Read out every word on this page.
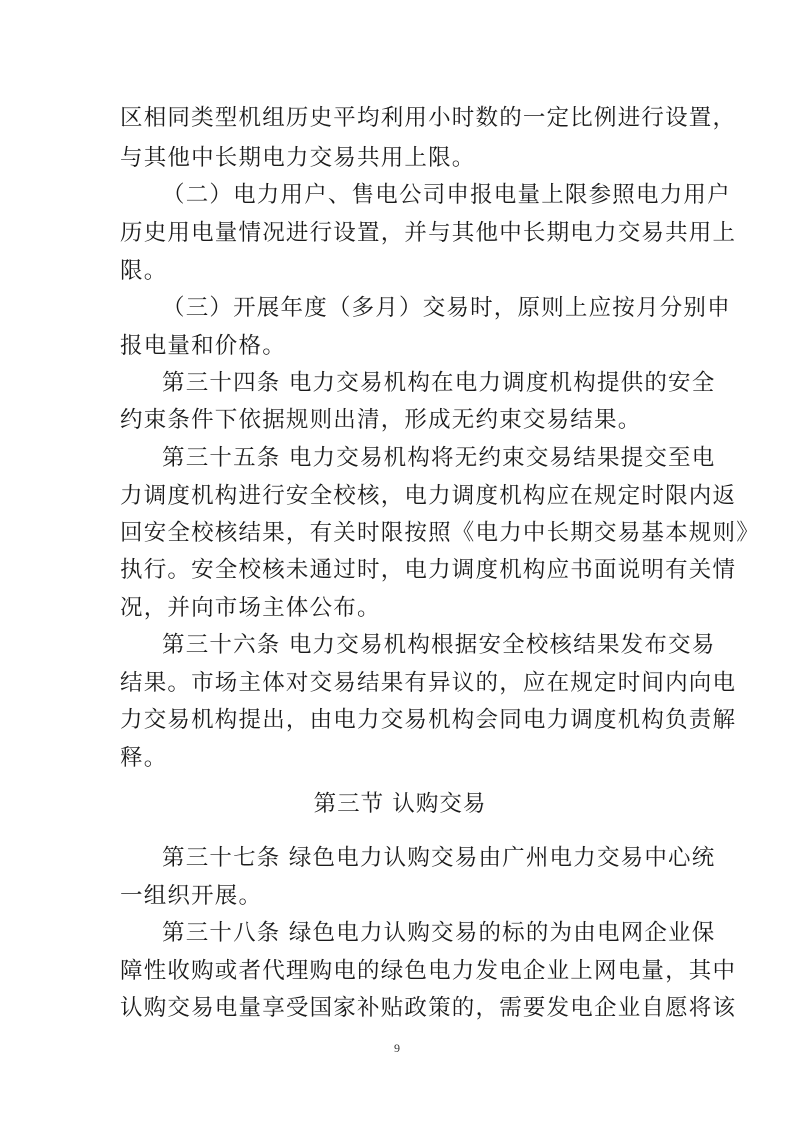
区相同类型机组历史平均利用小时数的一定比例进行设置，
与其他中长期电力交易共用上限。
（二）电力用户、售电公司申报电量上限参照电力用户
历史用电量情况进行设置，并与其他中长期电力交易共用上
限。
（三）开展年度（多月）交易时，原则上应按月分别申
报电量和价格。
第三十四条 电力交易机构在电力调度机构提供的安全
约束条件下依据规则出清，形成无约束交易结果。
第三十五条 电力交易机构将无约束交易结果提交至电
力调度机构进行安全校核，电力调度机构应在规定时限内返
回安全校核结果，有关时限按照《电力中长期交易基本规则》
执行。安全校核未通过时，电力调度机构应书面说明有关情
况，并向市场主体公布。
第三十六条 电力交易机构根据安全校核结果发布交易
结果。市场主体对交易结果有异议的，应在规定时间内向电
力交易机构提出，由电力交易机构会同电力调度机构负责解
释。
第三节 认购交易
第三十七条 绿色电力认购交易由广州电力交易中心统
一组织开展。
第三十八条 绿色电力认购交易的标的为由电网企业保
障性收购或者代理购电的绿色电力发电企业上网电量，其中
认购交易电量享受国家补贴政策的，需要发电企业自愿将该
9
